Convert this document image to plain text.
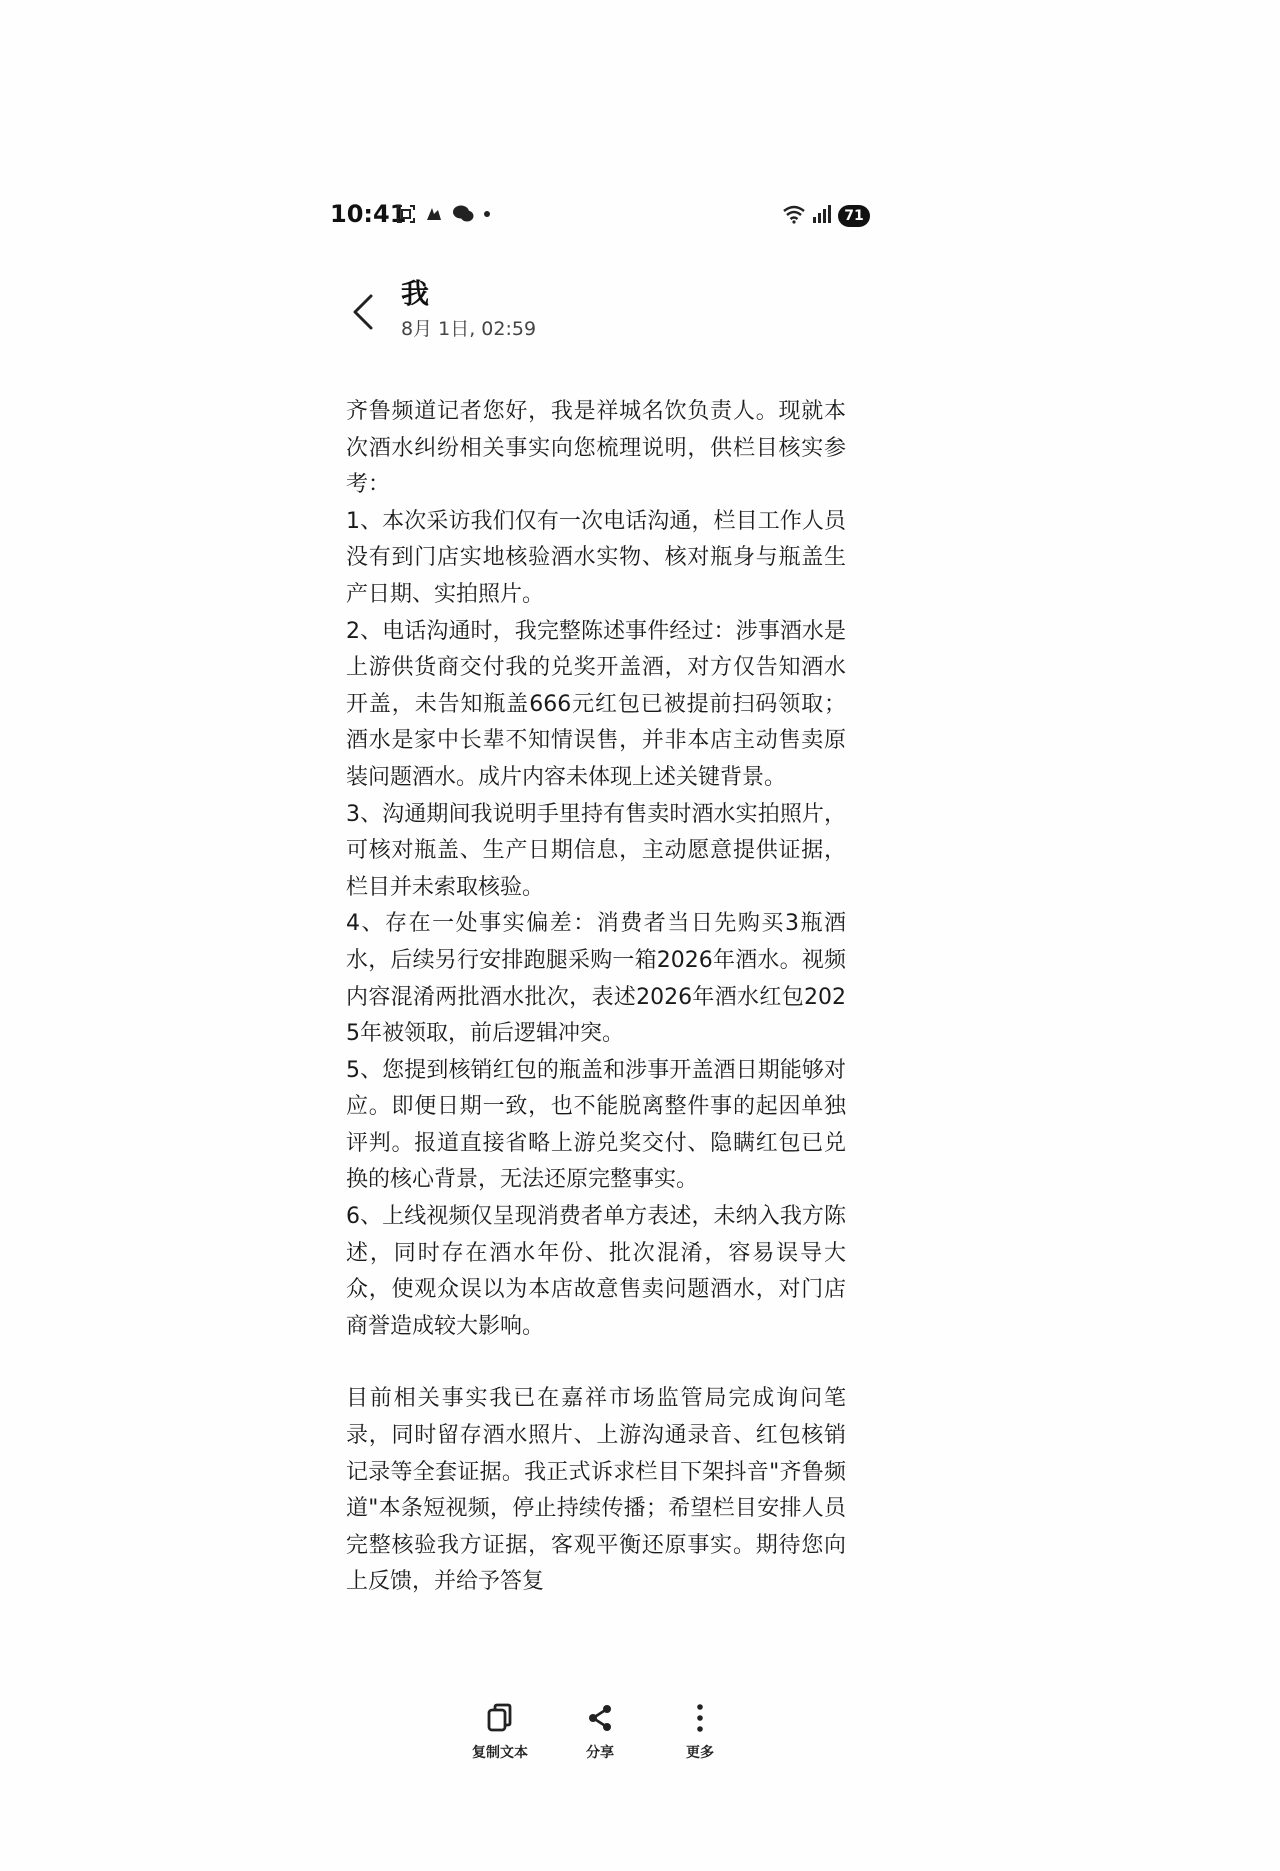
10:41	71
我
8月 1日, 02:59

齐鲁频道记者您好，我是祥城名饮负责人。现就本次酒水纠纷相关事实向您梳理说明，供栏目核实参考：

1、本次采访我们仅有一次电话沟通，栏目工作人员没有到门店实地核验酒水实物、核对瓶身与瓶盖生产日期、实拍照片。

2、电话沟通时，我完整陈述事件经过：涉事酒水是上游供货商交付我的兑奖开盖酒，对方仅告知酒水开盖，未告知瓶盖666元红包已被提前扫码领取；酒水是家中长辈不知情误售，并非本店主动售卖原装问题酒水。成片内容未体现上述关键背景。

3、沟通期间我说明手里持有售卖时酒水实拍照片，可核对瓶盖、生产日期信息，主动愿意提供证据，栏目并未索取核验。

4、存在一处事实偏差：消费者当日先购买3瓶酒水，后续另行安排跑腿采购一箱2026年酒水。视频内容混淆两批酒水批次，表述2026年酒水红包2025年被领取，前后逻辑冲突。

5、您提到核销红包的瓶盖和涉事开盖酒日期能够对应。即便日期一致，也不能脱离整件事的起因单独评判。报道直接省略上游兑奖交付、隐瞒红包已兑换的核心背景，无法还原完整事实。

6、上线视频仅呈现消费者单方表述，未纳入我方陈述，同时存在酒水年份、批次混淆，容易误导大众，使观众误以为本店故意售卖问题酒水，对门店商誉造成较大影响。

目前相关事实我已在嘉祥市场监管局完成询问笔录，同时留存酒水照片、上游沟通录音、红包核销记录等全套证据。我正式诉求栏目下架抖音"齐鲁频道"本条短视频，停止持续传播；希望栏目安排人员完整核验我方证据，客观平衡还原事实。期待您向上反馈，并给予答复

复制文本	分享	更多
